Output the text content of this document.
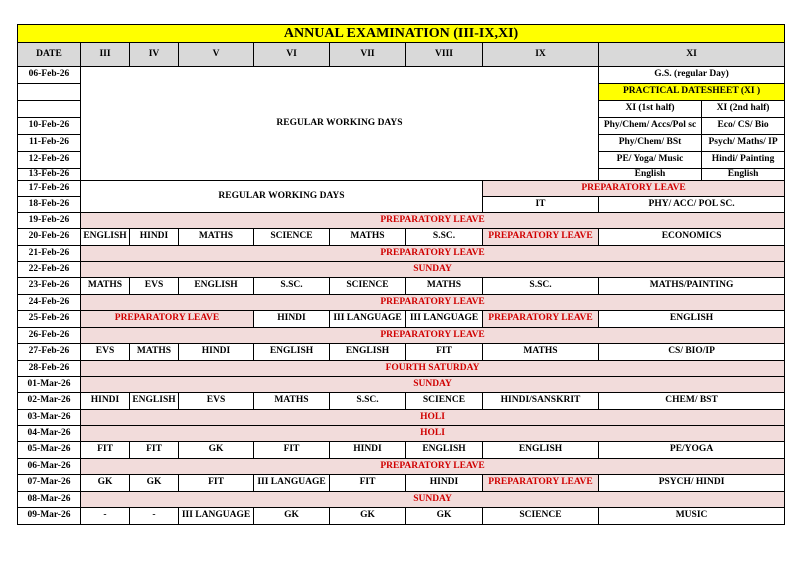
ANNUAL EXAMINATION (III-IX,XI)									
DATE	III	IV	V	VI	VII	VIII	IX	XI	
06-Feb-26	REGULAR WORKING DAYS							G.S. (regular Day)	
								PRACTICAL DATESHEET (XI )	
								XI (1st half)	XI (2nd half)
10-Feb-26								Phy/Chem/ Accs/Pol sc	Eco/ CS/ Bio
11-Feb-26								Phy/Chem/ BSt	Psych/ Maths/ IP
12-Feb-26								PE/ Yoga/ Music	Hindi/ Painting
13-Feb-26								English	English
17-Feb-26	REGULAR WORKING DAYS						PREPARATORY LEAVE		
18-Feb-26							IT	PHY/ ACC/ POL SC.	
19-Feb-26	PREPARATORY LEAVE								
20-Feb-26	ENGLISH	HINDI	MATHS	SCIENCE	MATHS	S.SC.	PREPARATORY LEAVE	ECONOMICS	
21-Feb-26	PREPARATORY LEAVE								
22-Feb-26	SUNDAY								
23-Feb-26	MATHS	EVS	ENGLISH	S.SC.	SCIENCE	MATHS	S.SC.	MATHS/PAINTING	
24-Feb-26	PREPARATORY LEAVE								
25-Feb-26	PREPARATORY LEAVE			HINDI	III LANGUAGE	III LANGUAGE	PREPARATORY LEAVE	ENGLISH	
26-Feb-26	PREPARATORY LEAVE								
27-Feb-26	EVS	MATHS	HINDI	ENGLISH	ENGLISH	FIT	MATHS	CS/ BIO/IP	
28-Feb-26	FOURTH SATURDAY								
01-Mar-26	SUNDAY								
02-Mar-26	HINDI	ENGLISH	EVS	MATHS	S.SC.	SCIENCE	HINDI/SANSKRIT	CHEM/ BST	
03-Mar-26	HOLI								
04-Mar-26	HOLI								
05-Mar-26	FIT	FIT	GK	FIT	HINDI	ENGLISH	ENGLISH	PE/YOGA	
06-Mar-26	PREPARATORY LEAVE								
07-Mar-26	GK	GK	FIT	III LANGUAGE	FIT	HINDI	PREPARATORY LEAVE	PSYCH/ HINDI	
08-Mar-26	SUNDAY								
09-Mar-26	-	-	III LANGUAGE	GK	GK	GK	SCIENCE	MUSIC	
